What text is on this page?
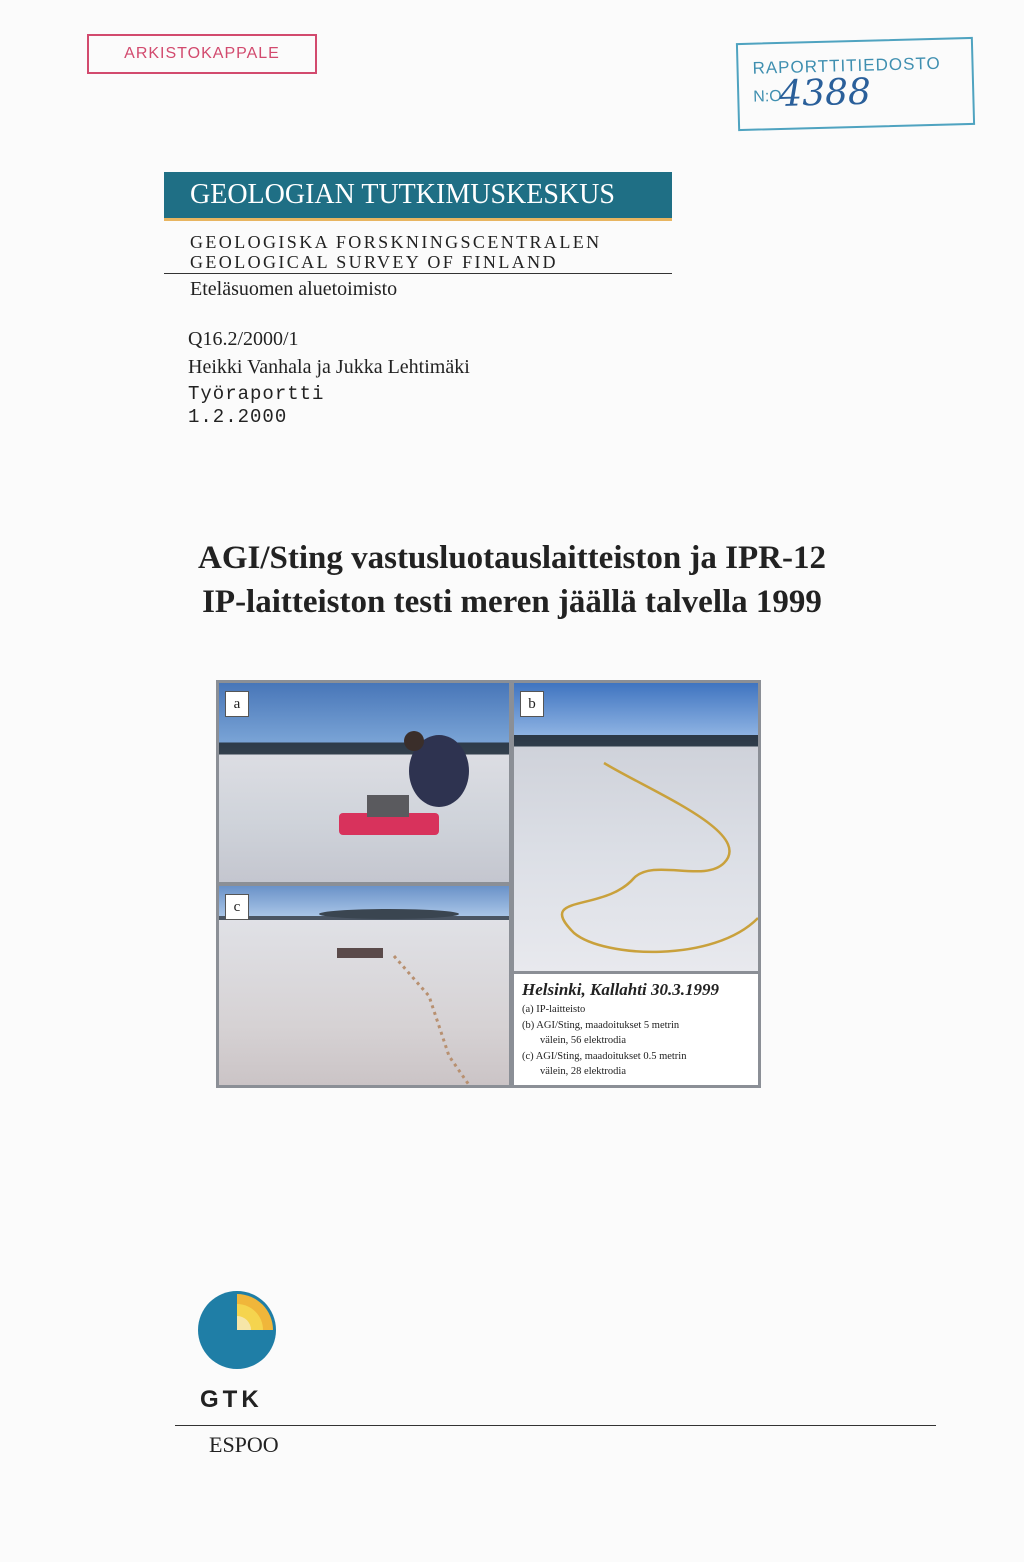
ARKISTOKAPPALE
RAPORTTITIEDOSTO
N:O
4388
GEOLOGIAN TUTKIMUSKESKUS
GEOLOGISKA FORSKNINGSCENTRALEN
GEOLOGICAL SURVEY OF FINLAND
Eteläsuomen aluetoimisto
Q16.2/2000/1
Heikki Vanhala ja Jukka Lehtimäki
Työraportti
1.2.2000
AGI/Sting vastusluotauslaitteiston ja IPR-12
IP-laitteiston testi meren jäällä talvella 1999
a	b
c
Helsinki, Kallahti 30.3.1999
(a) IP-laitteisto
(b) AGI/Sting, maadoitukset 5 metrin
välein, 56 elektrodia
(c) AGI/Sting, maadoitukset 0.5 metrin
välein, 28 elektrodia
GTK
ESPOO
